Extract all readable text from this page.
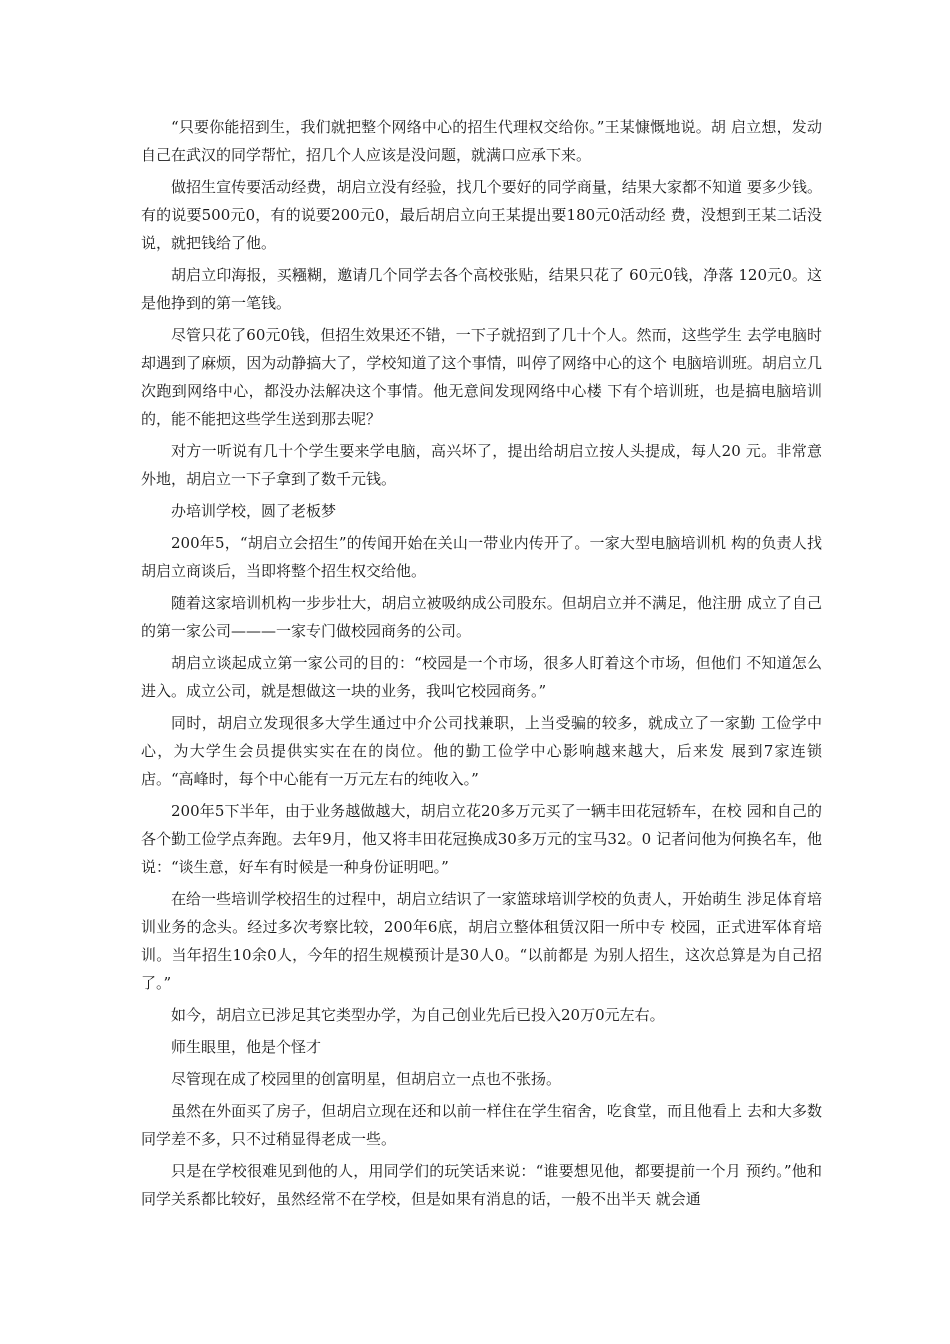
“只要你能招到生，我们就把整个网络中心的招生代理权交给你。”王某慷慨地说。胡 启立想，发动自己在武汉的同学帮忙，招几个人应该是没问题，就满口应承下来。

做招生宣传要活动经费，胡启立没有经验，找几个要好的同学商量，结果大家都不知道 要多少钱。有的说要500元0，有的说要200元0，最后胡启立向王某提出要180元0活动经 费，没想到王某二话没说，就把钱给了他。

胡启立印海报，买糨糊，邀请几个同学去各个高校张贴，结果只花了 60元0钱，净落 120元0。这是他挣到的第一笔钱。

尽管只花了60元0钱，但招生效果还不错，一下子就招到了几十个人。然而，这些学生 去学电脑时却遇到了麻烦，因为动静搞大了，学校知道了这个事情，叫停了网络中心的这个 电脑培训班。胡启立几次跑到网络中心，都没办法解决这个事情。他无意间发现网络中心楼 下有个培训班，也是搞电脑培训的，能不能把这些学生送到那去呢？

对方一听说有几十个学生要来学电脑，高兴坏了，提出给胡启立按人头提成，每人20 元。非常意外地，胡启立一下子拿到了数千元钱。

办培训学校，圆了老板梦

200年5，“胡启立会招生”的传闻开始在关山一带业内传开了。一家大型电脑培训机 构的负责人找胡启立商谈后，当即将整个招生权交给他。

随着这家培训机构一步步壮大，胡启立被吸纳成公司股东。但胡启立并不满足，他注册 成立了自己的第一家公司———一家专门做校园商务的公司。

胡启立谈起成立第一家公司的目的：“校园是一个市场，很多人盯着这个市场，但他们 不知道怎么进入。成立公司，就是想做这一块的业务，我叫它校园商务。”

同时，胡启立发现很多大学生通过中介公司找兼职，上当受骗的较多，就成立了一家勤 工俭学中心，为大学生会员提供实实在在的岗位。他的勤工俭学中心影响越来越大，后来发 展到7家连锁店。“高峰时，每个中心能有一万元左右的纯收入。”

200年5下半年，由于业务越做越大，胡启立花20多万元买了一辆丰田花冠轿车，在校 园和自己的各个勤工俭学点奔跑。去年9月，他又将丰田花冠换成30多万元的宝马32。0 记者问他为何换名车，他说：“谈生意，好车有时候是一种身份证明吧。”

在给一些培训学校招生的过程中，胡启立结识了一家篮球培训学校的负责人，开始萌生 涉足体育培训业务的念头。经过多次考察比较，200年6底，胡启立整体租赁汉阳一所中专 校园，正式进军体育培训。当年招生10余0人，今年的招生规模预计是30人0。“以前都是 为别人招生，这次总算是为自己招了。”

如今，胡启立已涉足其它类型办学，为自己创业先后已投入20万0元左右。

师生眼里，他是个怪才

尽管现在成了校园里的创富明星，但胡启立一点也不张扬。

虽然在外面买了房子，但胡启立现在还和以前一样住在学生宿舍，吃食堂，而且他看上 去和大多数同学差不多，只不过稍显得老成一些。

只是在学校很难见到他的人，用同学们的玩笑话来说：“谁要想见他，都要提前一个月 预约。”他和同学关系都比较好，虽然经常不在学校，但是如果有消息的话，一般不出半天 就会通
